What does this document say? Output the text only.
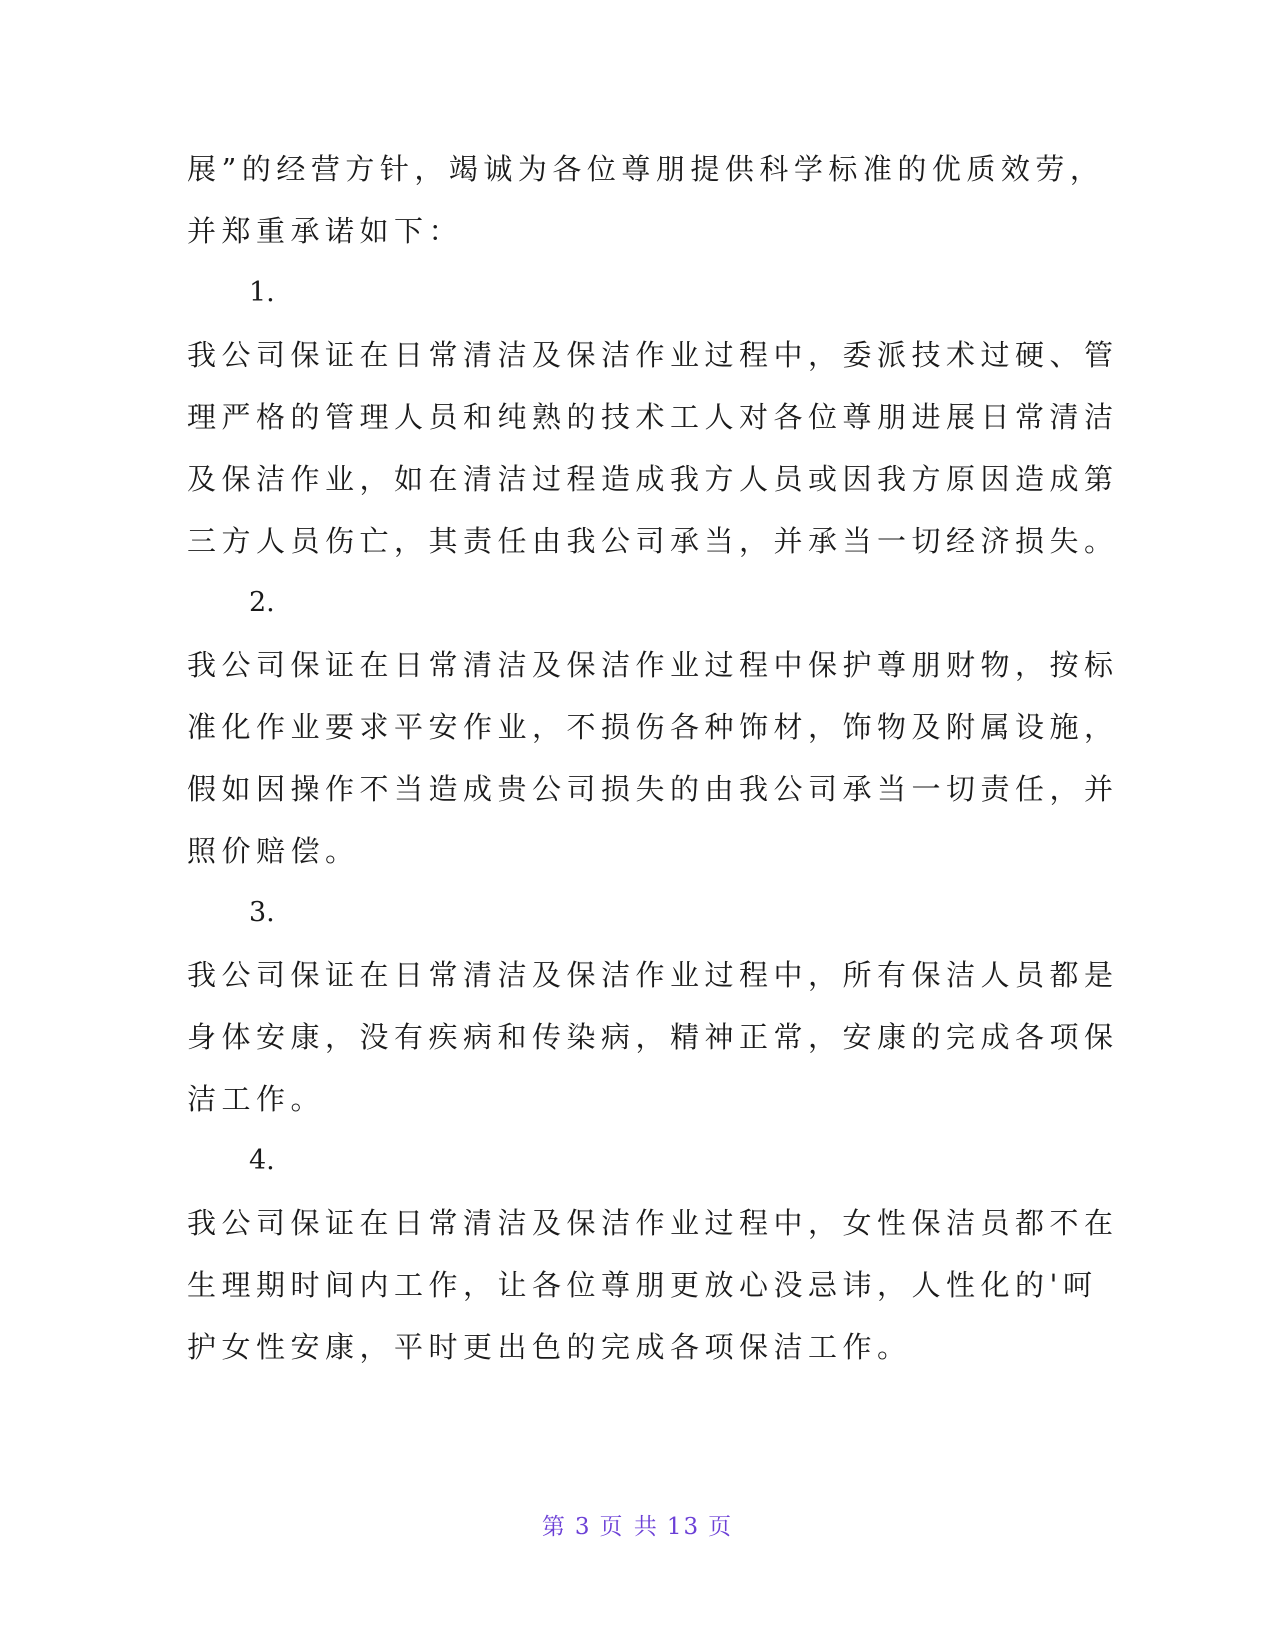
展”的经营方针，竭诚为各位尊朋提供科学标准的优质效劳，
并郑重承诺如下：
1.
我公司保证在日常清洁及保洁作业过程中，委派技术过硬、管
理严格的管理人员和纯熟的技术工人对各位尊朋进展日常清洁
及保洁作业，如在清洁过程造成我方人员或因我方原因造成第
三方人员伤亡，其责任由我公司承当，并承当一切经济损失。
2.
我公司保证在日常清洁及保洁作业过程中保护尊朋财物，按标
准化作业要求平安作业，不损伤各种饰材，饰物及附属设施，
假如因操作不当造成贵公司损失的由我公司承当一切责任，并
照价赔偿。
3.
我公司保证在日常清洁及保洁作业过程中，所有保洁人员都是
身体安康，没有疾病和传染病，精神正常，安康的完成各项保
洁工作。
4.
我公司保证在日常清洁及保洁作业过程中，女性保洁员都不在
生理期时间内工作，让各位尊朋更放心没忌讳，人性化的'呵
护女性安康，平时更出色的完成各项保洁工作。
第 3 页 共 13 页
